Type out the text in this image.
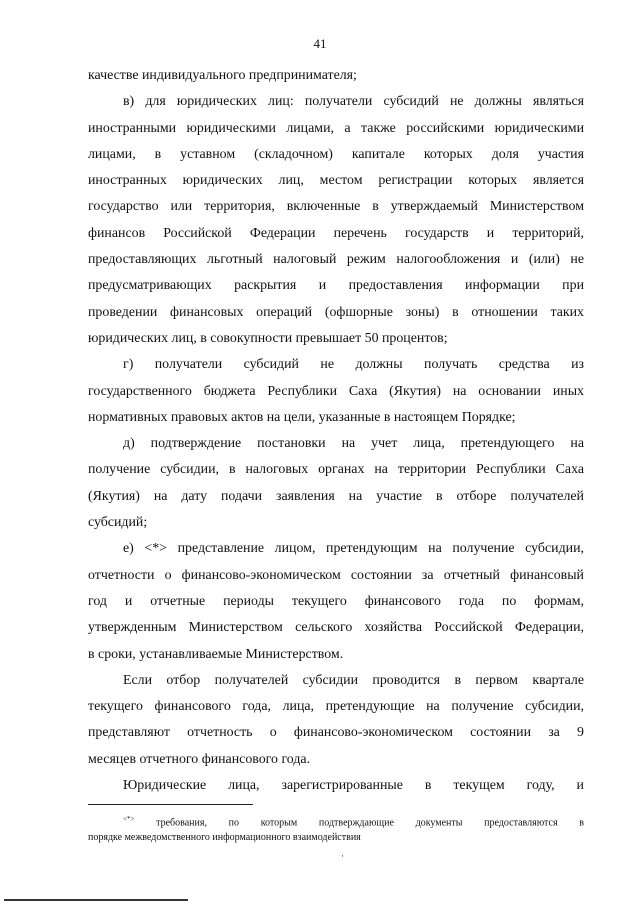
41

качестве индивидуального предпринимателя;

в) для юридических лиц: получатели субсидий не должны являться

иностранными юридическими лицами, а также российскими юридическими

лицами, в уставном (складочном) капитале которых доля участия

иностранных юридических лиц, местом регистрации которых является

государство или территория, включенные в утверждаемый Министерством

финансов Российской Федерации перечень государств и территорий,

предоставляющих льготный налоговый режим налогообложения и (или) не

предусматривающих раскрытия и предоставления информации при

проведении финансовых операций (офшорные зоны) в отношении таких

юридических лиц, в совокупности превышает 50 процентов;

г) получатели субсидий не должны получать средства из

государственного бюджета Республики Саха (Якутия) на основании иных

нормативных правовых актов на цели, указанные в настоящем Порядке;

д) подтверждение постановки на учет лица, претендующего на

получение субсидии, в налоговых органах на территории Республики Саха

(Якутия) на дату подачи заявления на участие в отборе получателей

субсидий;

е) <*> представление лицом, претендующим на получение субсидии,

отчетности о финансово-экономическом состоянии за отчетный финансовый

год и отчетные периоды текущего финансового года по формам,

утвержденным Министерством сельского хозяйства Российской Федерации,

в сроки, устанавливаемые Министерством.

Если отбор получателей субсидии проводится в первом квартале

текущего финансового года, лица, претендующие на получение субсидии,

представляют отчетность о финансово-экономическом состоянии за 9

месяцев отчетного финансового года.

Юридические лица, зарегистрированные в текущем году, и

<*> требования, по которым подтверждающие документы предоставляются в

порядке межведомственного информационного взаимодействия

·
